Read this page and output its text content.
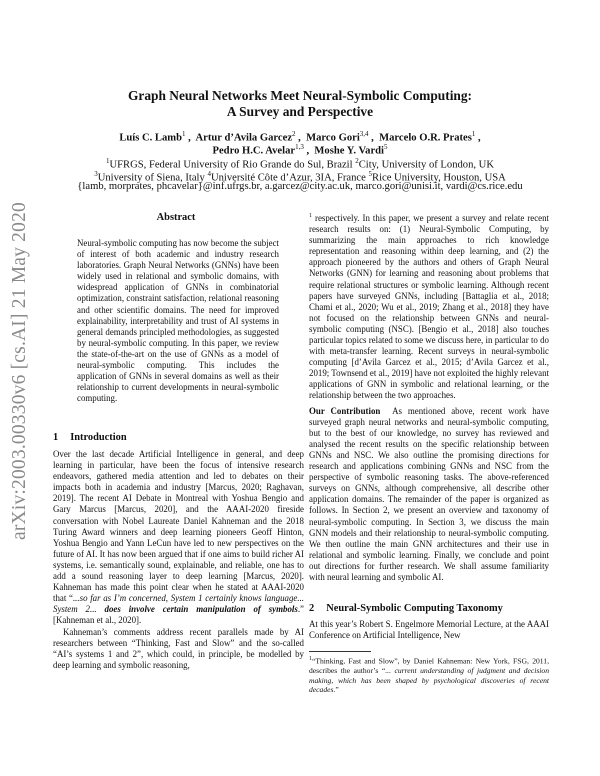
arXiv:2003.00330v6 [cs.AI] 21 May 2020
Graph Neural Networks Meet Neural-Symbolic Computing:
A Survey and Perspective
Luís C. Lamb$^1$ ,  Artur d’Avila Garcez$^2$ ,  Marco Gori$^{3,4}$ ,  Marcelo O.R. Prates$^1$ ,
Pedro H.C. Avelar$^{1,3}$ ,  Moshe Y. Vardi$^5$
$^1$UFRGS, Federal University of Rio Grande do Sul, Brazil $^2$City, University of London, UK
$^3$University of Siena, Italy $^4$Université Côte d’Azur, 3IA, France $^5$Rice University, Houston, USA
{lamb, morprates, phcavelar}@inf.ufrgs.br, a.garcez@city.ac.uk, marco.gori@unisi.it, vardi@cs.rice.edu
Abstract
Neural-symbolic computing has now become the subject of interest of both academic and industry research laboratories. Graph Neural Networks (GNNs) have been widely used in relational and symbolic domains, with widespread application of GNNs in combinatorial optimization, constraint satisfaction, relational reasoning and other scientific domains. The need for improved explainability, interpretability and trust of AI systems in general demands principled methodologies, as suggested by neural-symbolic computing. In this paper, we review the state-of-the-art on the use of GNNs as a model of neural-symbolic computing. This includes the application of GNNs in several domains as well as their relationship to current developments in neural-symbolic computing.
1 Introduction

Over the last decade Artificial Intelligence in general, and deep learning in particular, have been the focus of intensive research endeavors, gathered media attention and led to debates on their impacts both in academia and industry [Marcus, 2020; Raghavan, 2019]. The recent AI Debate in Montreal with Yoshua Bengio and Gary Marcus [Marcus, 2020], and the AAAI-2020 fireside conversation with Nobel Laureate Daniel Kahneman and the 2018 Turing Award winners and deep learning pioneers Geoff Hinton, Yoshua Bengio and Yann LeCun have led to new perspectives on the future of AI. It has now been argued that if one aims to build richer AI systems, i.e. semantically sound, explainable, and reliable, one has to add a sound reasoning layer to deep learning [Marcus, 2020]. Kahneman has made this point clear when he stated at AAAI-2020 that “...so far as I’m concerned, System 1 certainly knows language... System 2... does involve certain manipulation of symbols.” [Kahneman et al., 2020].

Kahneman’s comments address recent parallels made by AI researchers between “Thinking, Fast and Slow” and the so-called “AI’s systems 1 and 2”, which could, in principle, be modelled by deep learning and symbolic reasoning,

$^1$ respectively. In this paper, we present a survey and relate recent research results on: (1) Neural-Symbolic Computing, by summarizing the main approaches to rich knowledge representation and reasoning within deep learning, and (2) the approach pioneered by the authors and others of Graph Neural Networks (GNN) for learning and reasoning about problems that require relational structures or symbolic learning. Although recent papers have surveyed GNNs, including [Battaglia et al., 2018; Chami et al., 2020; Wu et al., 2019; Zhang et al., 2018] they have not focused on the relationship between GNNs and neural-symbolic computing (NSC). [Bengio et al., 2018] also touches particular topics related to some we discuss here, in particular to do with meta-transfer learning. Recent surveys in neural-symbolic computing [d’Avila Garcez et al., 2015; d’Avila Garcez et al., 2019; Townsend et al., 2019] have not exploited the highly relevant applications of GNN in symbolic and relational learning, or the relationship between the two approaches.

Our Contribution As mentioned above, recent work have surveyed graph neural networks and neural-symbolic computing, but to the best of our knowledge, no survey has reviewed and analysed the recent results on the specific relationship between GNNs and NSC. We also outline the promising directions for research and applications combining GNNs and NSC from the perspective of symbolic reasoning tasks. The above-referenced surveys on GNNs, although comprehensive, all describe other application domains. The remainder of the paper is organized as follows. In Section 2, we present an overview and taxonomy of neural-symbolic computing. In Section 3, we discuss the main GNN models and their relationship to neural-symbolic computing. We then outline the main GNN architectures and their use in relational and symbolic learning. Finally, we conclude and point out directions for further research. We shall assume familiarity with neural learning and symbolic AI.

2 Neural-Symbolic Computing Taxonomy
At this year’s Robert S. Engelmore Memorial Lecture, at the AAAI Conference on Artificial Intelligence, New
$^1$“Thinking, Fast and Slow”, by Daniel Kahneman: New York, FSG, 2011, describes the author’s “... current understanding of judgment and decision making, which has been shaped by psychological discoveries of recent decades.”
